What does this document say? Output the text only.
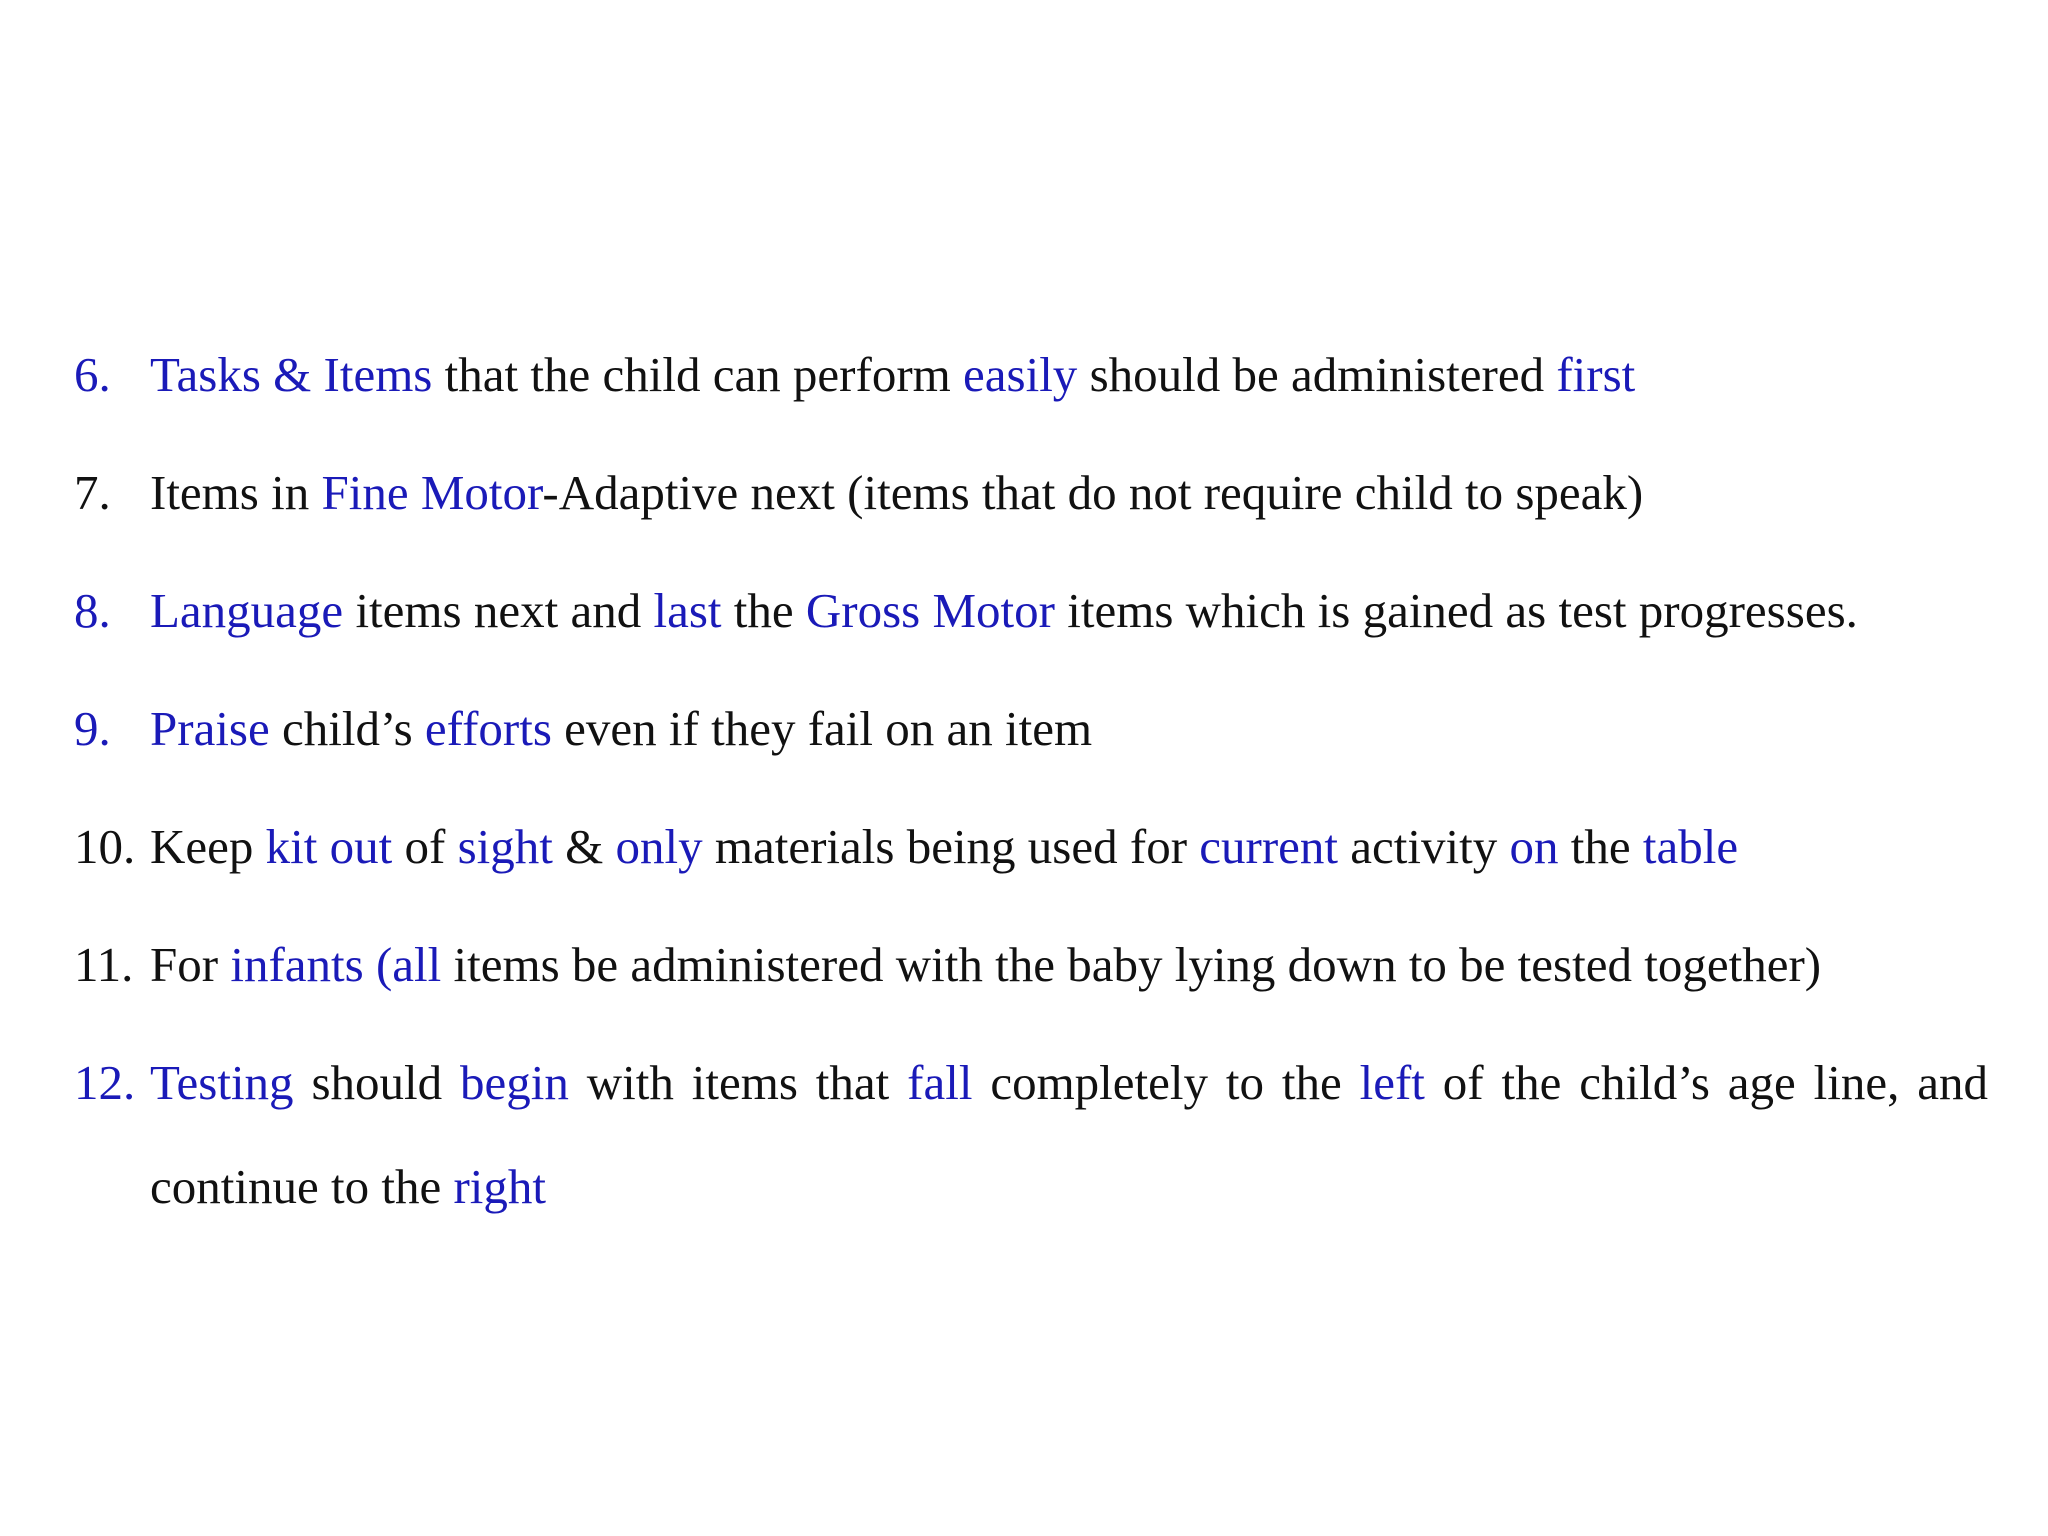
6. Tasks & Items that the child can perform easily should be administered first
7. Items in Fine Motor-Adaptive next (items that do not require child to speak)
8. Language items next and last the Gross Motor items which is gained as test progresses.
9. Praise child’s efforts even if they fail on an item
10. Keep kit out of sight & only materials being used for current activity on the table
11. For infants (all items be administered with the baby lying down to be tested together)
12. Testing should begin with items that fall completely to the left of the child’s age line, and continue to the right
